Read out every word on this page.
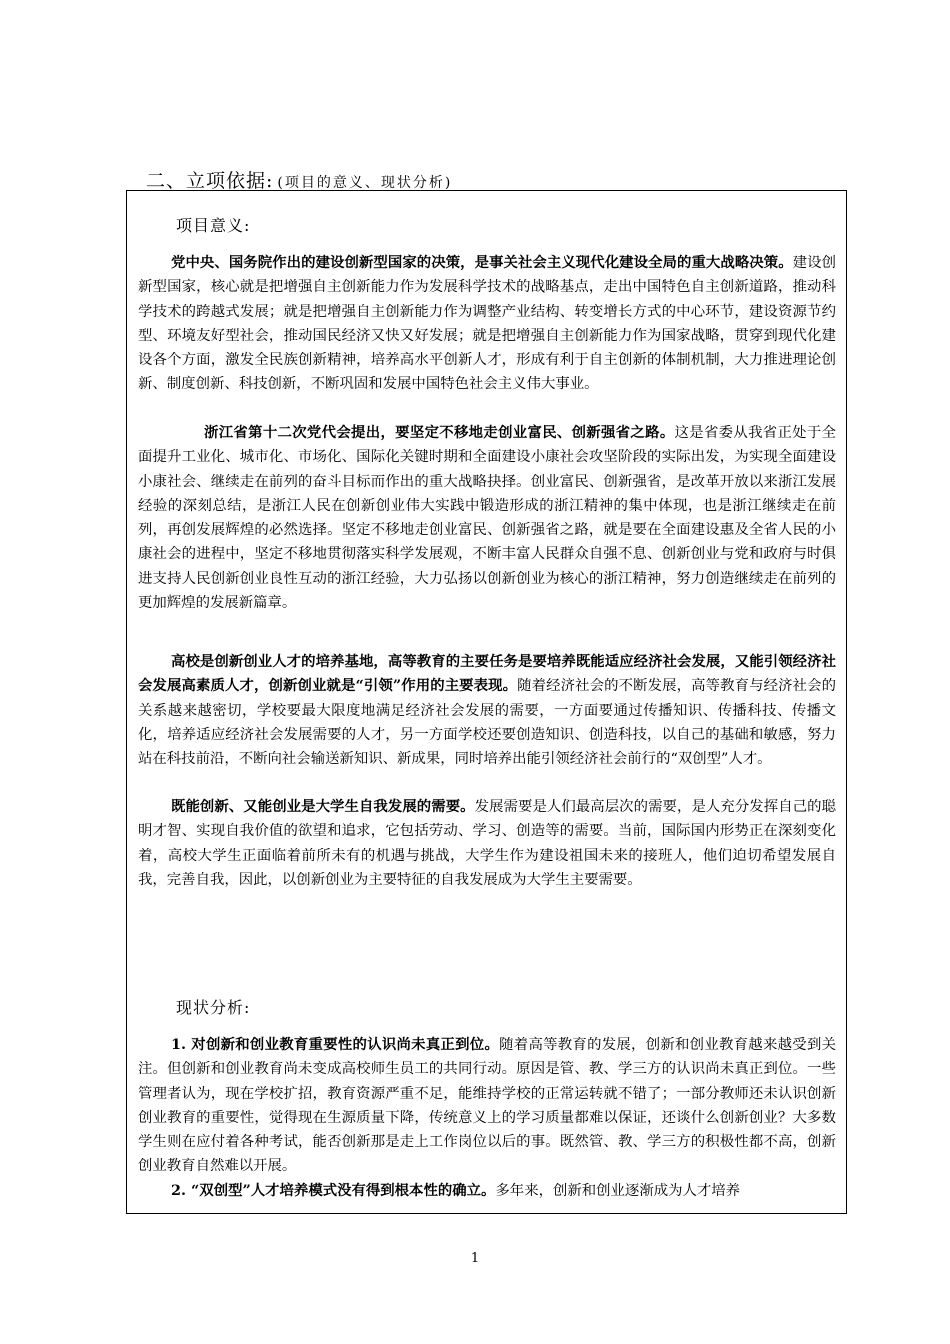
二、立项依据: (项目的意义、现状分析)
项目意义:

党中央、国务院作出的建设创新型国家的决策，是事关社会主义现代化建设全局的重大战略决策。建设创新型国家，核心就是把增强自主创新能力作为发展科学技术的战略基点，走出中国特色自主创新道路，推动科学技术的跨越式发展；就是把增强自主创新能力作为调整产业结构、转变增长方式的中心环节，建设资源节约型、环境友好型社会，推动国民经济又快又好发展；就是把增强自主创新能力作为国家战略，贯穿到现代化建设各个方面，激发全民族创新精神，培养高水平创新人才，形成有利于自主创新的体制机制，大力推进理论创新、制度创新、科技创新，不断巩固和发展中国特色社会主义伟大事业。

浙江省第十二次党代会提出，要坚定不移地走创业富民、创新强省之路。这是省委从我省正处于全面提升工业化、城市化、市场化、国际化关键时期和全面建设小康社会攻坚阶段的实际出发，为实现全面建设小康社会、继续走在前列的奋斗目标而作出的重大战略抉择。创业富民、创新强省，是改革开放以来浙江发展经验的深刻总结，是浙江人民在创新创业伟大实践中锻造形成的浙江精神的集中体现，也是浙江继续走在前列，再创发展辉煌的必然选择。坚定不移地走创业富民、创新强省之路，就是要在全面建设惠及全省人民的小康社会的进程中，坚定不移地贯彻落实科学发展观，不断丰富人民群众自强不息、创新创业与党和政府与时俱进支持人民创新创业良性互动的浙江经验，大力弘扬以创新创业为核心的浙江精神，努力创造继续走在前列的更加辉煌的发展新篇章。

高校是创新创业人才的培养基地，高等教育的主要任务是要培养既能适应经济社会发展，又能引领经济社会发展高素质人才，创新创业就是“引领”作用的主要表现。随着经济社会的不断发展，高等教育与经济社会的关系越来越密切，学校要最大限度地满足经济社会发展的需要，一方面要通过传播知识、传播科技、传播文化，培养适应经济社会发展需要的人才，另一方面学校还要创造知识、创造科技，以自己的基础和敏感，努力站在科技前沿，不断向社会输送新知识、新成果，同时培养出能引领经济社会前行的“双创型”人才。

既能创新、又能创业是大学生自我发展的需要。发展需要是人们最高层次的需要，是人充分发挥自己的聪明才智、实现自我价值的欲望和追求，它包括劳动、学习、创造等的需要。当前，国际国内形势正在深刻变化着，高校大学生正面临着前所未有的机遇与挑战，大学生作为建设祖国未来的接班人，他们迫切希望发展自我，完善自我，因此，以创新创业为主要特征的自我发展成为大学生主要需要。

现状分析:

1. 对创新和创业教育重要性的认识尚未真正到位。随着高等教育的发展，创新和创业教育越来越受到关注。但创新和创业教育尚未变成高校师生员工的共同行动。原因是管、教、学三方的认识尚未真正到位。一些管理者认为，现在学校扩招，教育资源严重不足，能维持学校的正常运转就不错了；一部分教师还未认识创新创业教育的重要性，觉得现在生源质量下降，传统意义上的学习质量都难以保证，还谈什么创新创业？大多数学生则在应付着各种考试，能否创新那是走上工作岗位以后的事。既然管、教、学三方的积极性都不高，创新创业教育自然难以开展。

2. “双创型”人才培养模式没有得到根本性的确立。多年来，创新和创业逐渐成为人才培养

1
